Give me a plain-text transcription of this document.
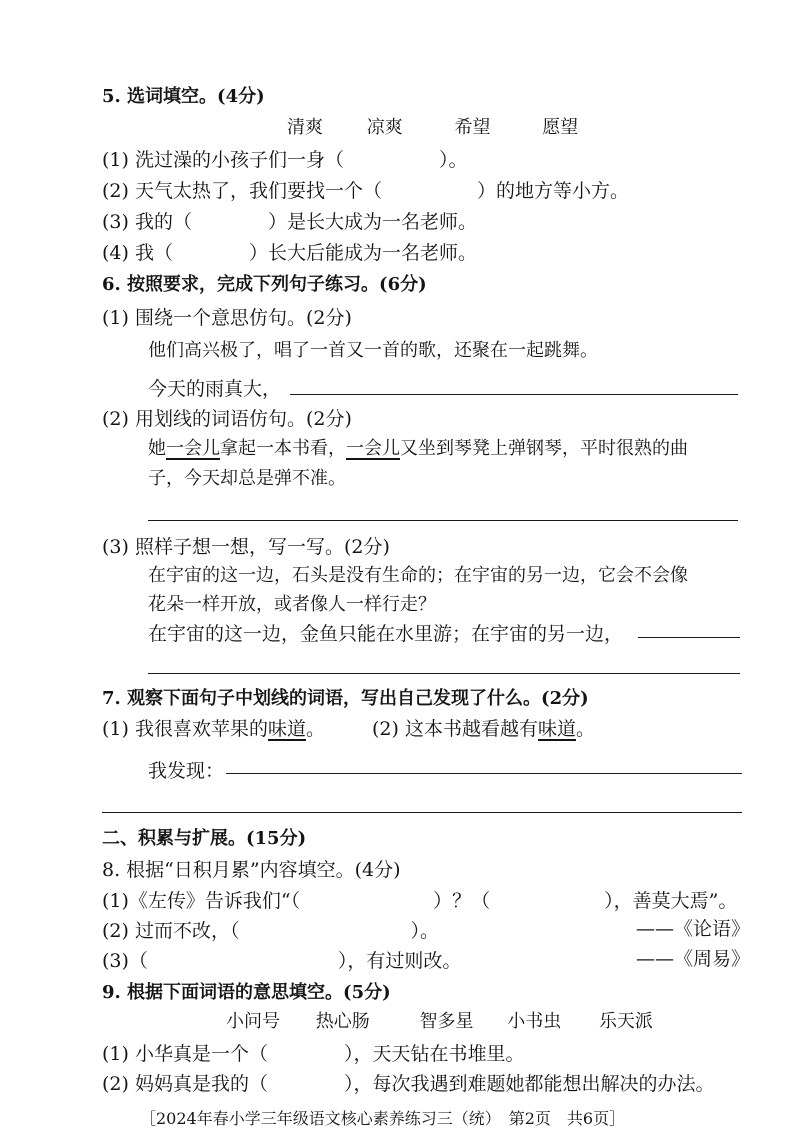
5. 选词填空。(4分)
清爽 凉爽	希望	愿望
(1) 洗过澡的小孩子们一身（　　　　　）。
(2) 天气太热了，我们要找一个（　　　　　）的地方等小方。
(3) 我的（　　　　）是长大成为一名老师。
(4) 我（　　　　）长大后能成为一名老师。
6. 按照要求，完成下列句子练习。(6分)
(1) 围绕一个意思仿句。(2分)
他们高兴极了，唱了一首又一首的歌，还聚在一起跳舞。
今天的雨真大，
(2) 用划线的词语仿句。(2分)
她一会儿拿起一本书看，一会儿又坐到琴凳上弹钢琴，平时很熟的曲
子，今天却总是弹不准。
(3) 照样子想一想，写一写。(2分)
在宇宙的这一边，石头是没有生命的；在宇宙的另一边，它会不会像
花朵一样开放，或者像人一样行走？
在宇宙的这一边，金鱼只能在水里游；在宇宙的另一边，
7. 观察下面句子中划线的词语，写出自己发现了什么。(2分)
(1) 我很喜欢苹果的味道。 (2) 这本书越看越有味道。
我发现：
二、积累与扩展。(15分)
8. 根据“日积月累”内容填空。(4分)
(1)《左传》告诉我们“（　　　　　　　）？（　　　　　　），善莫大焉”。
(2) 过而不改，（　　　　　　　　　）。	——《论语》
(3)（　　　　　　　　　　），有过则改。	——《周易》
9. 根据下面词语的意思填空。(5分)
小问号 热心肠	智多星 小书虫 乐天派
(1) 小华真是一个（　　　　），天天钻在书堆里。
(2) 妈妈真是我的（　　　　），每次我遇到难题她都能想出解决的办法。
［2024年春小学三年级语文核心素养练习三（统）　第2页　共6页］
